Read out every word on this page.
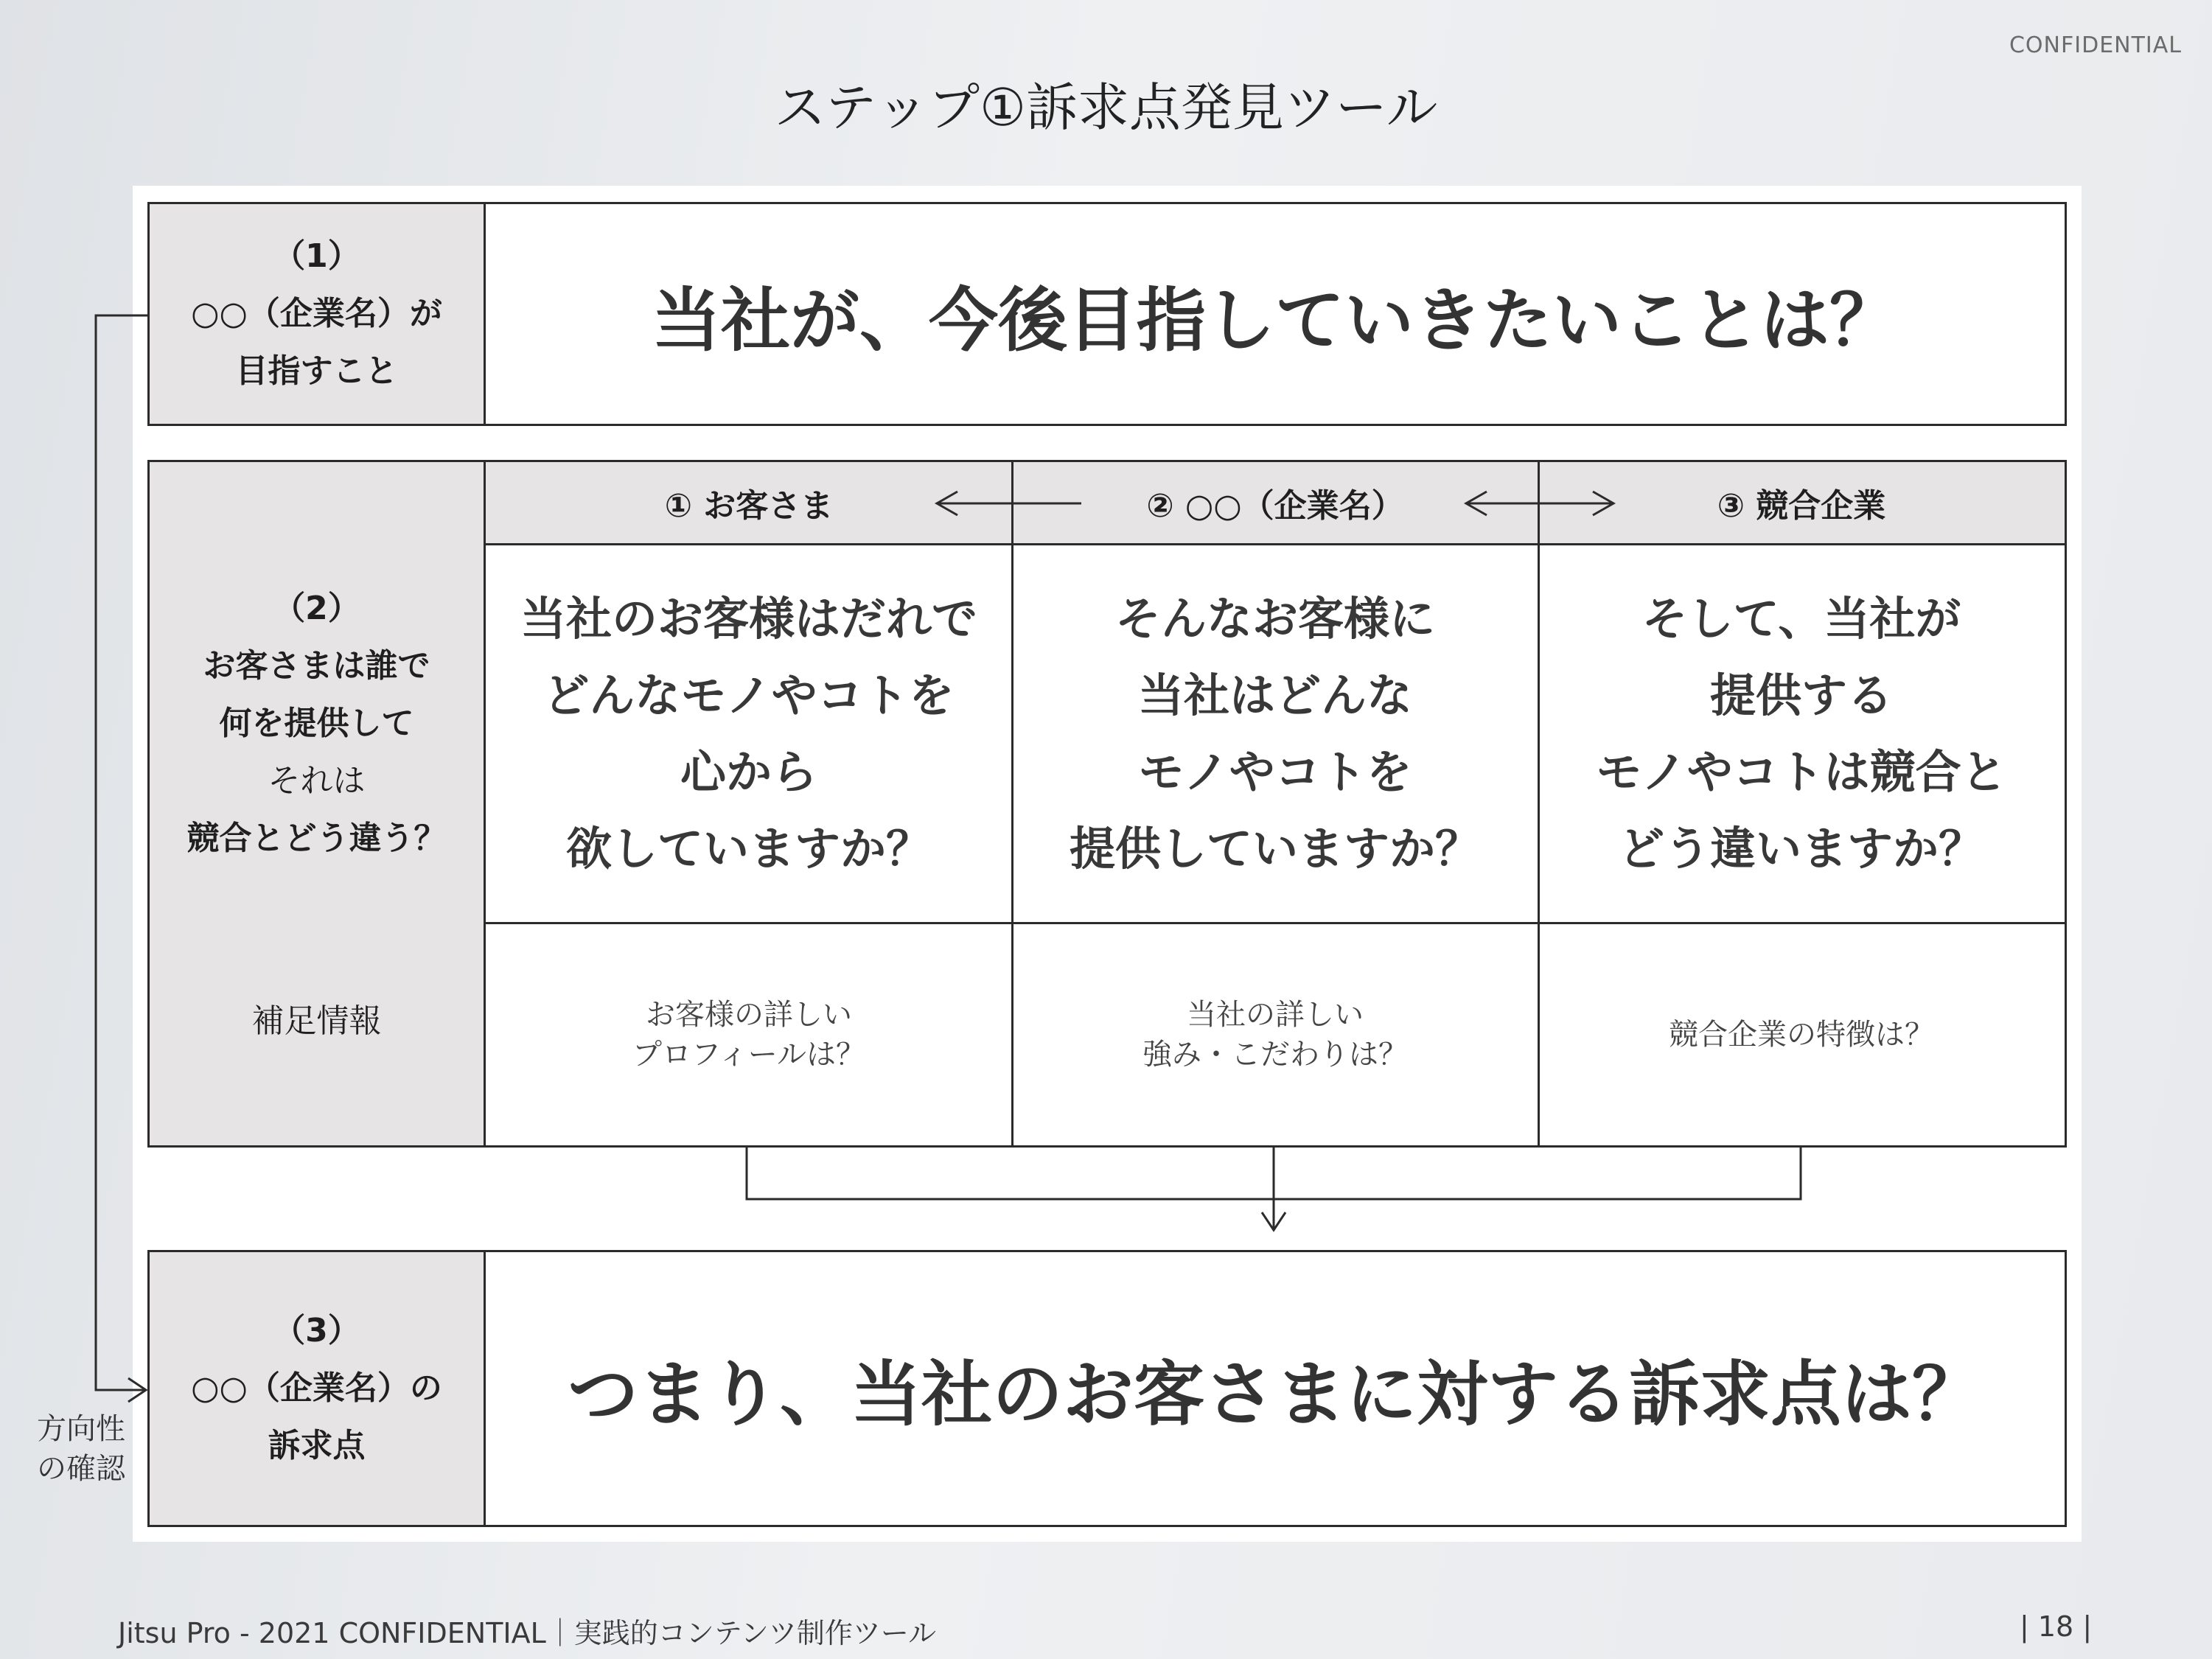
CONFIDENTIAL
ステップ①訴求点発見ツール
（1）
○○（企業名）が
目指すこと
当社が、今後目指していきたいことは？
（2）
お客さまは誰で
何を提供して
それは
競合とどう違う？
補足情報
① お客さま
当社のお客様はだれで
どんなモノやコトを
心から
欲していますか？
お客様の詳しい
プロフィールは？
② ○○（企業名）
そんなお客様に
当社はどんな
モノやコトを
提供していますか？
当社の詳しい
強み・こだわりは？
③ 競合企業
そして、当社が
提供する
モノやコトは競合と
どう違いますか？
競合企業の特徴は？
（3）
○○（企業名）の
訴求点
つまり、当社のお客さまに対する訴求点は？
方向性
の確認
Jitsu Pro - 2021 CONFIDENTIAL｜実践的コンテンツ制作ツール	| 18 |
